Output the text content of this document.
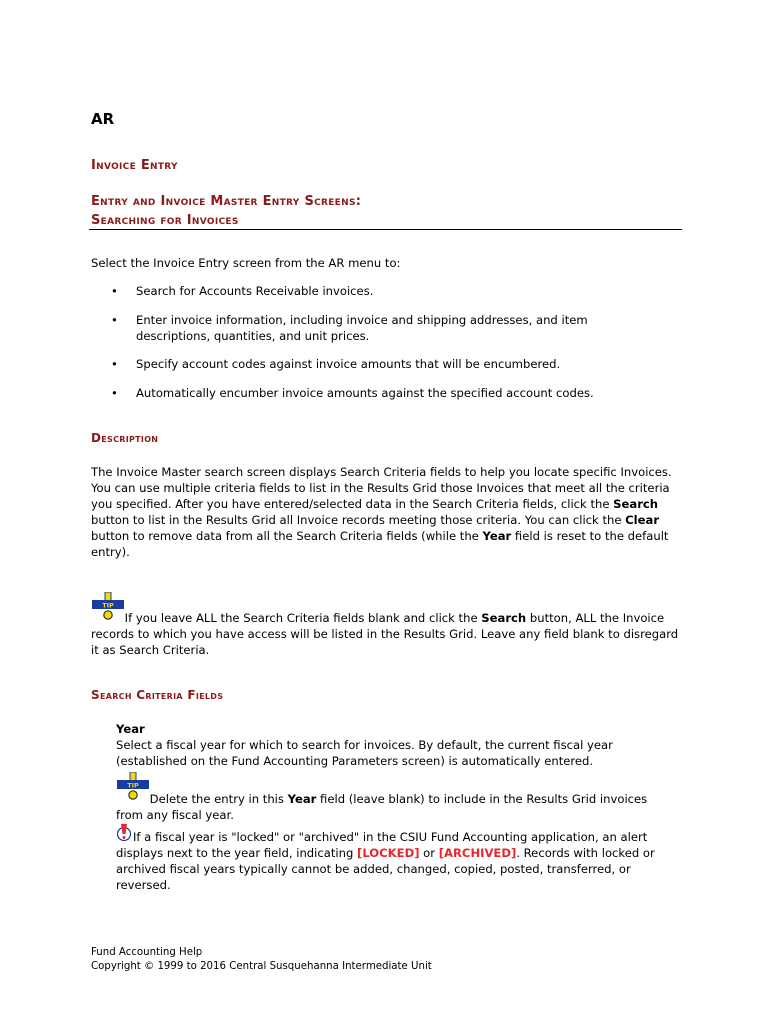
AR
Invoice Entry
Entry and Invoice Master Entry Screens:
Searching for Invoices
Select the Invoice Entry screen from the AR menu to:
• Search for Accounts Receivable invoices.
• Enter invoice information, including invoice and shipping addresses, and item descriptions, quantities, and unit prices.
• Specify account codes against invoice amounts that will be encumbered.
• Automatically encumber invoice amounts against the specified account codes.
Description
The Invoice Master search screen displays Search Criteria fields to help you locate specific Invoices. You can use multiple criteria fields to list in the Results Grid those Invoices that meet all the criteria you specified. After you have entered/selected data in the Search Criteria fields, click the Search button to list in the Results Grid all Invoice records meeting those criteria. You can click the Clear button to remove data from all the Search Criteria fields (while the Year field is reset to the default entry).
TIP
If you leave ALL the Search Criteria fields blank and click the Search button, ALL the Invoice records to which you have access will be listed in the Results Grid. Leave any field blank to disregard it as Search Criteria.
Search Criteria Fields
Year
Select a fiscal year for which to search for invoices. By default, the current fiscal year (established on the Fund Accounting Parameters screen) is automatically entered.
TIP
Delete the entry in this Year field (leave blank) to include in the Results Grid invoices from any fiscal year.
If a fiscal year is "locked" or "archived" in the CSIU Fund Accounting application, an alert displays next to the year field, indicating [LOCKED] or [ARCHIVED]. Records with locked or archived fiscal years typically cannot be added, changed, copied, posted, transferred, or reversed.
Fund Accounting Help
Copyright © 1999 to 2016 Central Susquehanna Intermediate Unit
